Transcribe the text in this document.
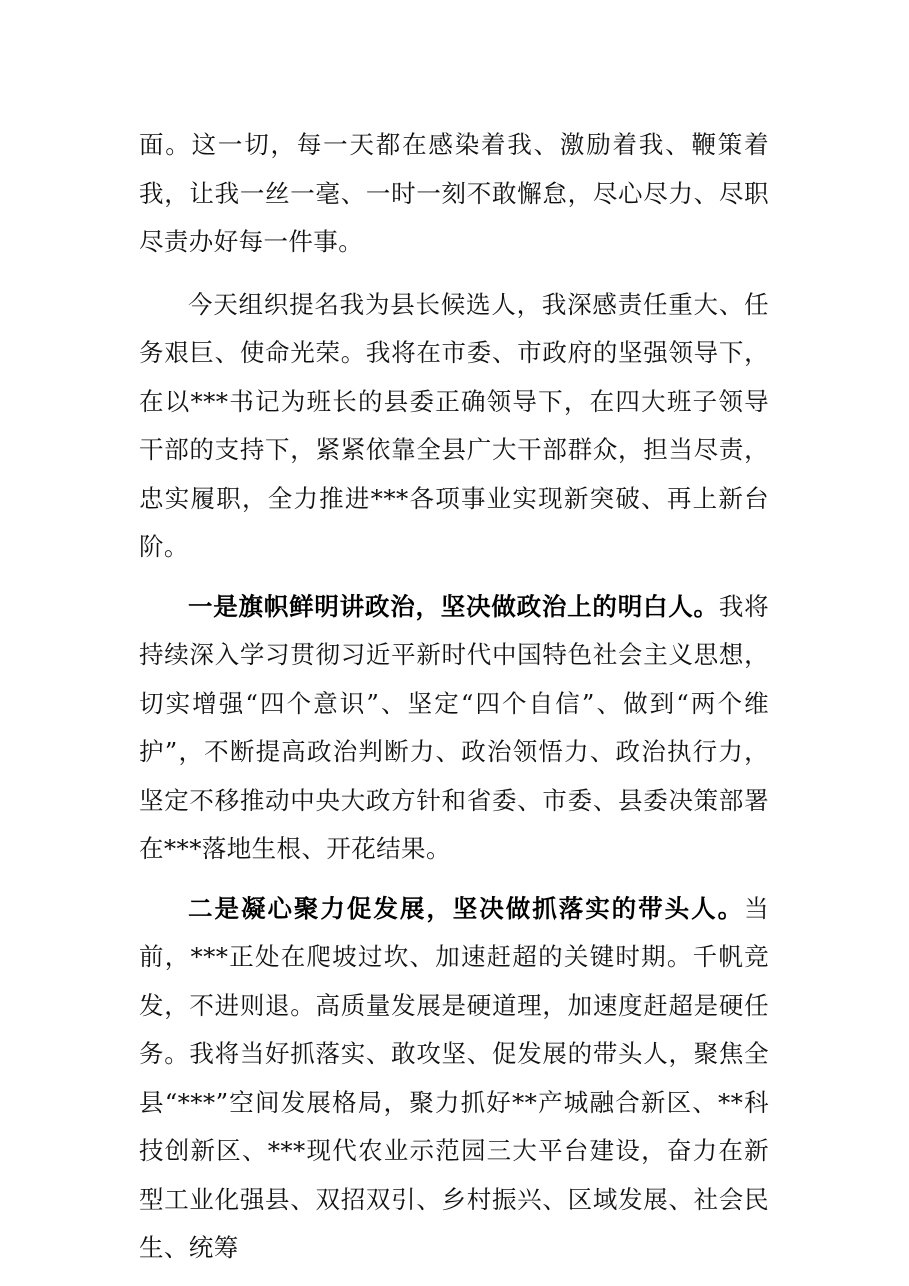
面。这一切，每一天都在感染着我、激励着我、鞭策着我，让我一丝一毫、一时一刻不敢懈怠，尽心尽力、尽职尽责办好每一件事。

今天组织提名我为县长候选人，我深感责任重大、任务艰巨、使命光荣。我将在市委、市政府的坚强领导下，在以***书记为班长的县委正确领导下，在四大班子领导干部的支持下，紧紧依靠全县广大干部群众，担当尽责，忠实履职，全力推进***各项事业实现新突破、再上新台阶。

一是旗帜鲜明讲政治，坚决做政治上的明白人。我将持续深入学习贯彻习近平新时代中国特色社会主义思想，切实增强“四个意识”、坚定“四个自信”、做到“两个维护”，不断提高政治判断力、政治领悟力、政治执行力，坚定不移推动中央大政方针和省委、市委、县委决策部署在***落地生根、开花结果。

二是凝心聚力促发展，坚决做抓落实的带头人。当前，***正处在爬坡过坎、加速赶超的关键时期。千帆竞发，不进则退。高质量发展是硬道理，加速度赶超是硬任务。我将当好抓落实、敢攻坚、促发展的带头人，聚焦全县“***”空间发展格局，聚力抓好**产城融合新区、**科技创新区、***现代农业示范园三大平台建设，奋力在新型工业化强县、双招双引、乡村振兴、区域发展、社会民生、统筹
